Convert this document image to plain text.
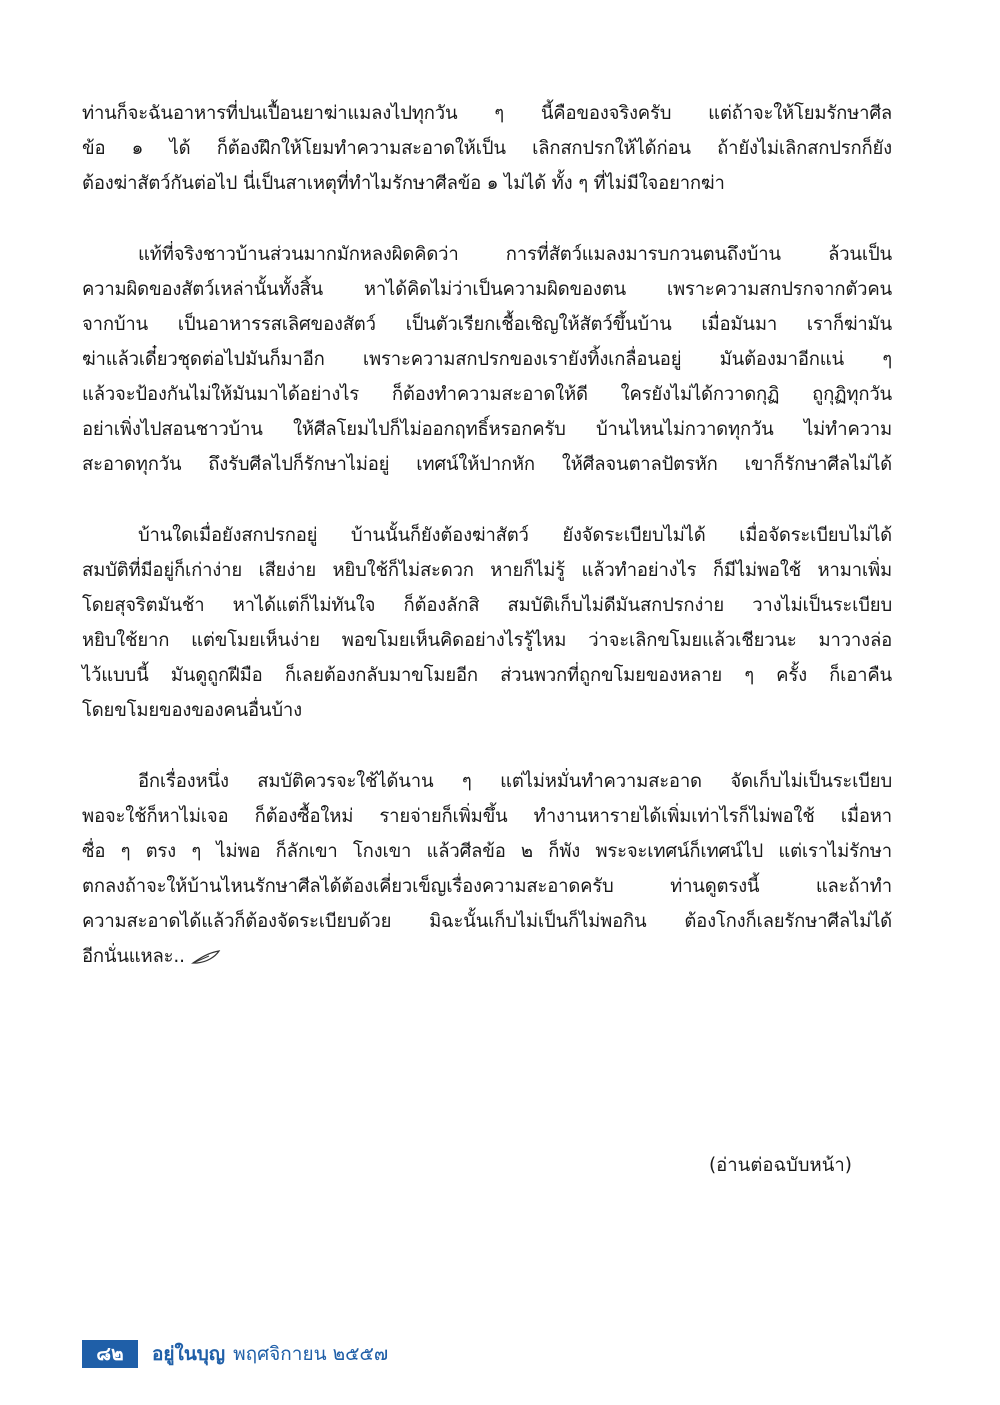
ท่านก็จะฉันอาหารที่ปนเปื้อนยาฆ่าแมลงไปทุกวัน ๆ นี้คือของจริงครับ แต่ถ้าจะให้โยมรักษาศีล
ข้อ ๑ ได้ ก็ต้องฝึกให้โยมทำความสะอาดให้เป็น เลิกสกปรกให้ได้ก่อน ถ้ายังไม่เลิกสกปรกก็ยัง
ต้องฆ่าสัตว์กันต่อไป นี่เป็นสาเหตุที่ทำไมรักษาศีลข้อ ๑ ไม่ได้ ทั้ง ๆ ที่ไม่มีใจอยากฆ่า
แท้ที่จริงชาวบ้านส่วนมากมักหลงผิดคิดว่า การที่สัตว์แมลงมารบกวนตนถึงบ้าน ล้วนเป็น
ความผิดของสัตว์เหล่านั้นทั้งสิ้น หาได้คิดไม่ว่าเป็นความผิดของตน เพราะความสกปรกจากตัวคน
จากบ้าน เป็นอาหารรสเลิศของสัตว์ เป็นตัวเรียกเชื้อเชิญให้สัตว์ขึ้นบ้าน เมื่อมันมา เราก็ฆ่ามัน
ฆ่าแล้วเดี๋ยวชุดต่อไปมันก็มาอีก เพราะความสกปรกของเรายังทิ้งเกลื่อนอยู่ มันต้องมาอีกแน่ ๆ
แล้วจะป้องกันไม่ให้มันมาได้อย่างไร ก็ต้องทำความสะอาดให้ดี ใครยังไม่ได้กวาดกุฏิ ถูกุฏิทุกวัน
อย่าเพิ่งไปสอนชาวบ้าน ให้ศีลโยมไปก็ไม่ออกฤทธิ์หรอกครับ บ้านไหนไม่กวาดทุกวัน ไม่ทำความ
สะอาดทุกวัน ถึงรับศีลไปก็รักษาไม่อยู่ เทศน์ให้ปากหัก ให้ศีลจนตาลปัตรหัก เขาก็รักษาศีลไม่ได้
บ้านใดเมื่อยังสกปรกอยู่ บ้านนั้นก็ยังต้องฆ่าสัตว์ ยังจัดระเบียบไม่ได้ เมื่อจัดระเบียบไม่ได้
สมบัติที่มีอยู่ก็เก่าง่าย เสียง่าย หยิบใช้ก็ไม่สะดวก หายก็ไม่รู้ แล้วทำอย่างไร ก็มีไม่พอใช้ หามาเพิ่ม
โดยสุจริตมันช้า หาได้แต่ก็ไม่ทันใจ ก็ต้องลักสิ สมบัติเก็บไม่ดีมันสกปรกง่าย วางไม่เป็นระเบียบ
หยิบใช้ยาก แต่ขโมยเห็นง่าย พอขโมยเห็นคิดอย่างไรรู้ไหม ว่าจะเลิกขโมยแล้วเชียวนะ มาวางล่อ
ไว้แบบนี้ มันดูถูกฝีมือ ก็เลยต้องกลับมาขโมยอีก ส่วนพวกที่ถูกขโมยของหลาย ๆ ครั้ง ก็เอาคืน
โดยขโมยของของคนอื่นบ้าง
อีกเรื่องหนึ่ง สมบัติควรจะใช้ได้นาน ๆ แต่ไม่หมั่นทำความสะอาด จัดเก็บไม่เป็นระเบียบ
พอจะใช้ก็หาไม่เจอ ก็ต้องซื้อใหม่ รายจ่ายก็เพิ่มขึ้น ทำงานหารายได้เพิ่มเท่าไรก็ไม่พอใช้ เมื่อหา
ซื่อ ๆ ตรง ๆ ไม่พอ ก็ลักเขา โกงเขา แล้วศีลข้อ ๒ ก็พัง พระจะเทศน์ก็เทศน์ไป แต่เราไม่รักษา
ตกลงถ้าจะให้บ้านไหนรักษาศีลได้ต้องเคี่ยวเข็ญเรื่องความสะอาดครับ ท่านดูตรงนี้ และถ้าทำ
ความสะอาดได้แล้วก็ต้องจัดระเบียบด้วย มิฉะนั้นเก็บไม่เป็นก็ไม่พอกิน ต้องโกงก็เลยรักษาศีลไม่ได้
อีกนั่นแหละ..
(อ่านต่อฉบับหน้า)
๘๒	อยู่ในบุญ พฤศจิกายน ๒๕๕๗
